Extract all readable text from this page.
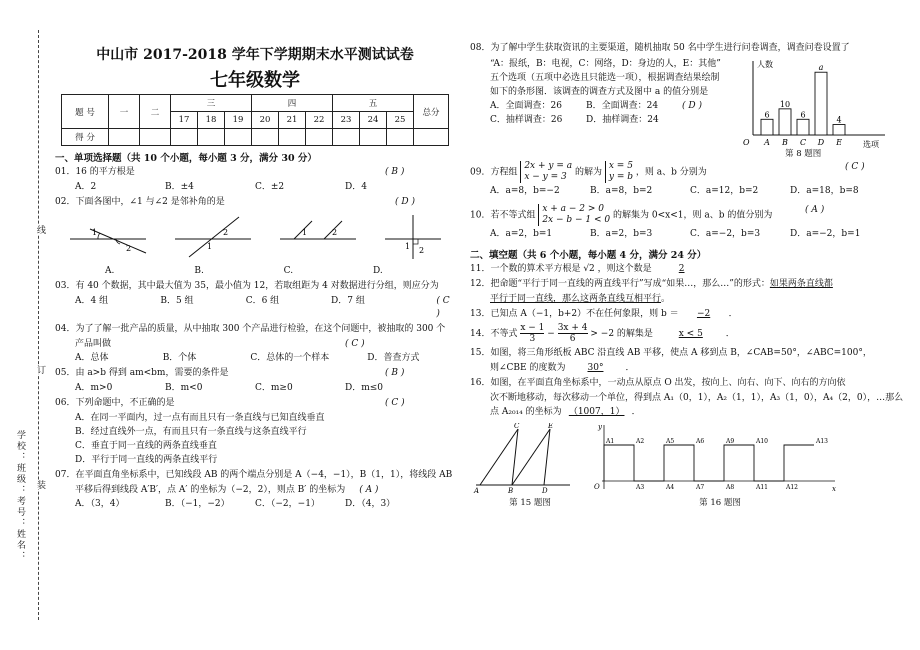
线
订
装
学校：班级：考号：姓名：
中山市 2017-2018 学年下学期期末水平测试试卷
七年级数学
题 号	一	二	三			四			五			总分
			17	18	19	20	21	22	23	24	25	
得 分												
一、单项选择题（共 10 个小题，每小题 3 分，满分 30 分）
01．16 的平方根是	( B )
A．2	B．±4	C．±2	D．4
02．下面各图中，∠1 与∠2 是邻补角的是	( D )
1
2	1
2	1	2
1 2
A.	B.	C.	D.
03．有 40 个数据，其中最大值为 35，最小值为 12，若取组距为 4 对数据进行分组，则应分为
A．4 组	B．5 组	C．6 组	D．7 组	( C )
04．为了了解一批产品的质量，从中抽取 300 个产品进行检验，在这个问题中，被抽取的 300 个
产品叫做	( C )
A．总体	B．个体	C．总体的一个样本	D．普查方式
05．由 a>b 得到 am<bm，需要的条件是	( B )
A．m>0	B．m<0	C．m≥0	D．m≤0
06．下列命题中，不正确的是	( C )
A．在同一平面内，过一点有而且只有一条直线与已知直线垂直
B．经过直线外一点，有而且只有一条直线与这条直线平行
C．垂直于同一直线的两条直线垂直
D．平行于同一直线的两条直线平行
07．在平面直角坐标系中，已知线段 AB 的两个端点分别是 A（−4，−1），B（1，1），将线段 AB
平移后得到线段 A′B′，点 A′ 的坐标为（−2，2），则点 B′ 的坐标为 ( A )
A．（3，4）	B．（−1，−2）	C．（−2，−1）	D．（4，3）
08．为了解中学生获取资讯的主要渠道，随机抽取 50 名中学生进行问卷调查，调查问卷设置了
“A：报纸，B：电视，C：网络，D：身边的人，E：其他”
五个选项（五项中必选且只能选一项），根据调查结果绘制
如下的条形图．该调查的调查方式及图中 a 的值分别是
A．全面调查：26	B．全面调查：24	( D )
C．抽样调查：26	D．抽样调查：24
人数
选项
O
6
A
10
B
6
C
a
D
4
E
第 8 题图
09．方程组 2x + y = a
x − y = 3 的解为 x = 5
y = b ，则 a、b 分别为
( C )
A．a=8，b=−2	B．a=8，b=2	C．a=12，b=2	D．a=18，b=8
10．若不等式组 x + a − 2 > 0
2x − b − 1 < 0 的解集为 0<x<1，则 a、b 的值分别为
( A )
A．a=2，b=1	B．a=2，b=3	C．a=−2，b=3	D．a=−2，b=1
二、填空题（共 6 个小题，每小题 4 分，满分 24 分）
11．一个数的算术平方根是 √2 ，则这个数是	2
12．把命题“平行于同一直线的两直线平行”写成“如果…，那么…”的形式：如果两条直线都
平行于同一直线，那么这两条直线互相平行。
13．已知点 A（−1，b+2）不在任何象限，则 b ＝ −2 ．
14．不等式 $\frac{x - 1}{3} - \frac{3x + 4}{6} > -2$ 的解集是	x < 5	．
15．如图，将三角形纸板 ABC 沿直线 AB 平移，使点 A 移到点 B，∠CAB=50°，∠ABC=100°，
则∠CBE 的度数为 30° ．
16．如图，在平面直角坐标系中，一动点从原点 O 出发，按向上、向右、向下、向右的方向依
次不断地移动，每次移动一个单位，得到点 A₁（0，1），A₂（1，1），A₃（1，0），A₄（2，0），…那么
点 A₂₀₁₄ 的坐标为 （1007，1） ．
A	B	D
C	E
第 15 题图
O	x
y
A1	A2	A5	A6	A9	A10	A13
A3	A4	A7	A8	A11	A12
第 16 题图
